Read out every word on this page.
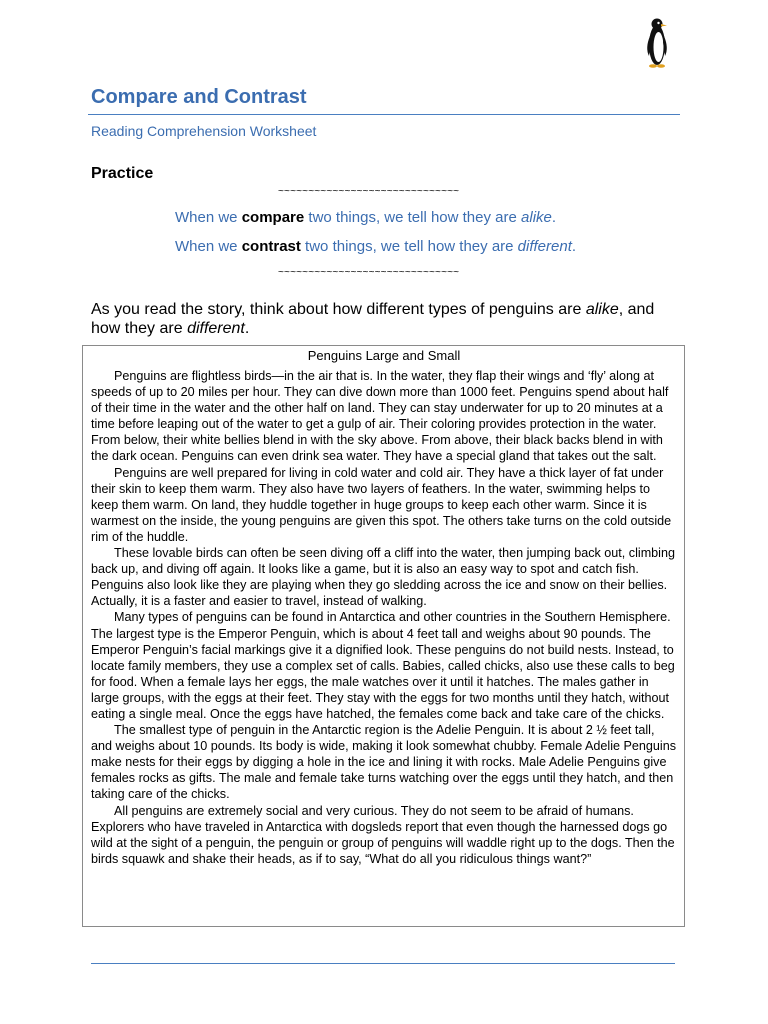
Compare and Contrast
Reading Comprehension Worksheet
Practice
~~~~~~~~~~~~~~~~~~~~~~~~~~~~~~
When we compare two things, we tell how they are alike.
When we contrast two things, we tell how they are different.
~~~~~~~~~~~~~~~~~~~~~~~~~~~~~~
As you read the story, think about how different types of penguins are alike, and how they are different.
Penguins Large and Small

Penguins are flightless birds—in the air that is. In the water, they flap their wings and ‘fly’ along at speeds of up to 20 miles per hour. They can dive down more than 1000 feet. Penguins spend about half of their time in the water and the other half on land. They can stay underwater for up to 20 minutes at a time before leaping out of the water to get a gulp of air. Their coloring provides protection in the water. From below, their white bellies blend in with the sky above. From above, their black backs blend in with the dark ocean. Penguins can even drink sea water. They have a special gland that takes out the salt.

Penguins are well prepared for living in cold water and cold air. They have a thick layer of fat under their skin to keep them warm. They also have two layers of feathers. In the water, swimming helps to keep them warm. On land, they huddle together in huge groups to keep each other warm. Since it is warmest on the inside, the young penguins are given this spot. The others take turns on the cold outside rim of the huddle.

These lovable birds can often be seen diving off a cliff into the water, then jumping back out, climbing back up, and diving off again. It looks like a game, but it is also an easy way to spot and catch fish. Penguins also look like they are playing when they go sledding across the ice and snow on their bellies. Actually, it is a faster and easier to travel, instead of walking.

Many types of penguins can be found in Antarctica and other countries in the Southern Hemisphere. The largest type is the Emperor Penguin, which is about 4 feet tall and weighs about 90 pounds. The Emperor Penguin’s facial markings give it a dignified look. These penguins do not build nests. Instead, to locate family members, they use a complex set of calls. Babies, called chicks, also use these calls to beg for food. When a female lays her eggs, the male watches over it until it hatches. The males gather in large groups, with the eggs at their feet. They stay with the eggs for two months until they hatch, without eating a single meal. Once the eggs have hatched, the females come back and take care of the chicks.

The smallest type of penguin in the Antarctic region is the Adelie Penguin. It is about 2 ½ feet tall, and weighs about 10 pounds. Its body is wide, making it look somewhat chubby. Female Adelie Penguins make nests for their eggs by digging a hole in the ice and lining it with rocks. Male Adelie Penguins give females rocks as gifts. The male and female take turns watching over the eggs until they hatch, and then taking care of the chicks.

All penguins are extremely social and very curious. They do not seem to be afraid of humans. Explorers who have traveled in Antarctica with dogsleds report that even though the harnessed dogs go wild at the sight of a penguin, the penguin or group of penguins will waddle right up to the dogs. Then the birds squawk and shake their heads, as if to say, “What do all you ridiculous things want?”
